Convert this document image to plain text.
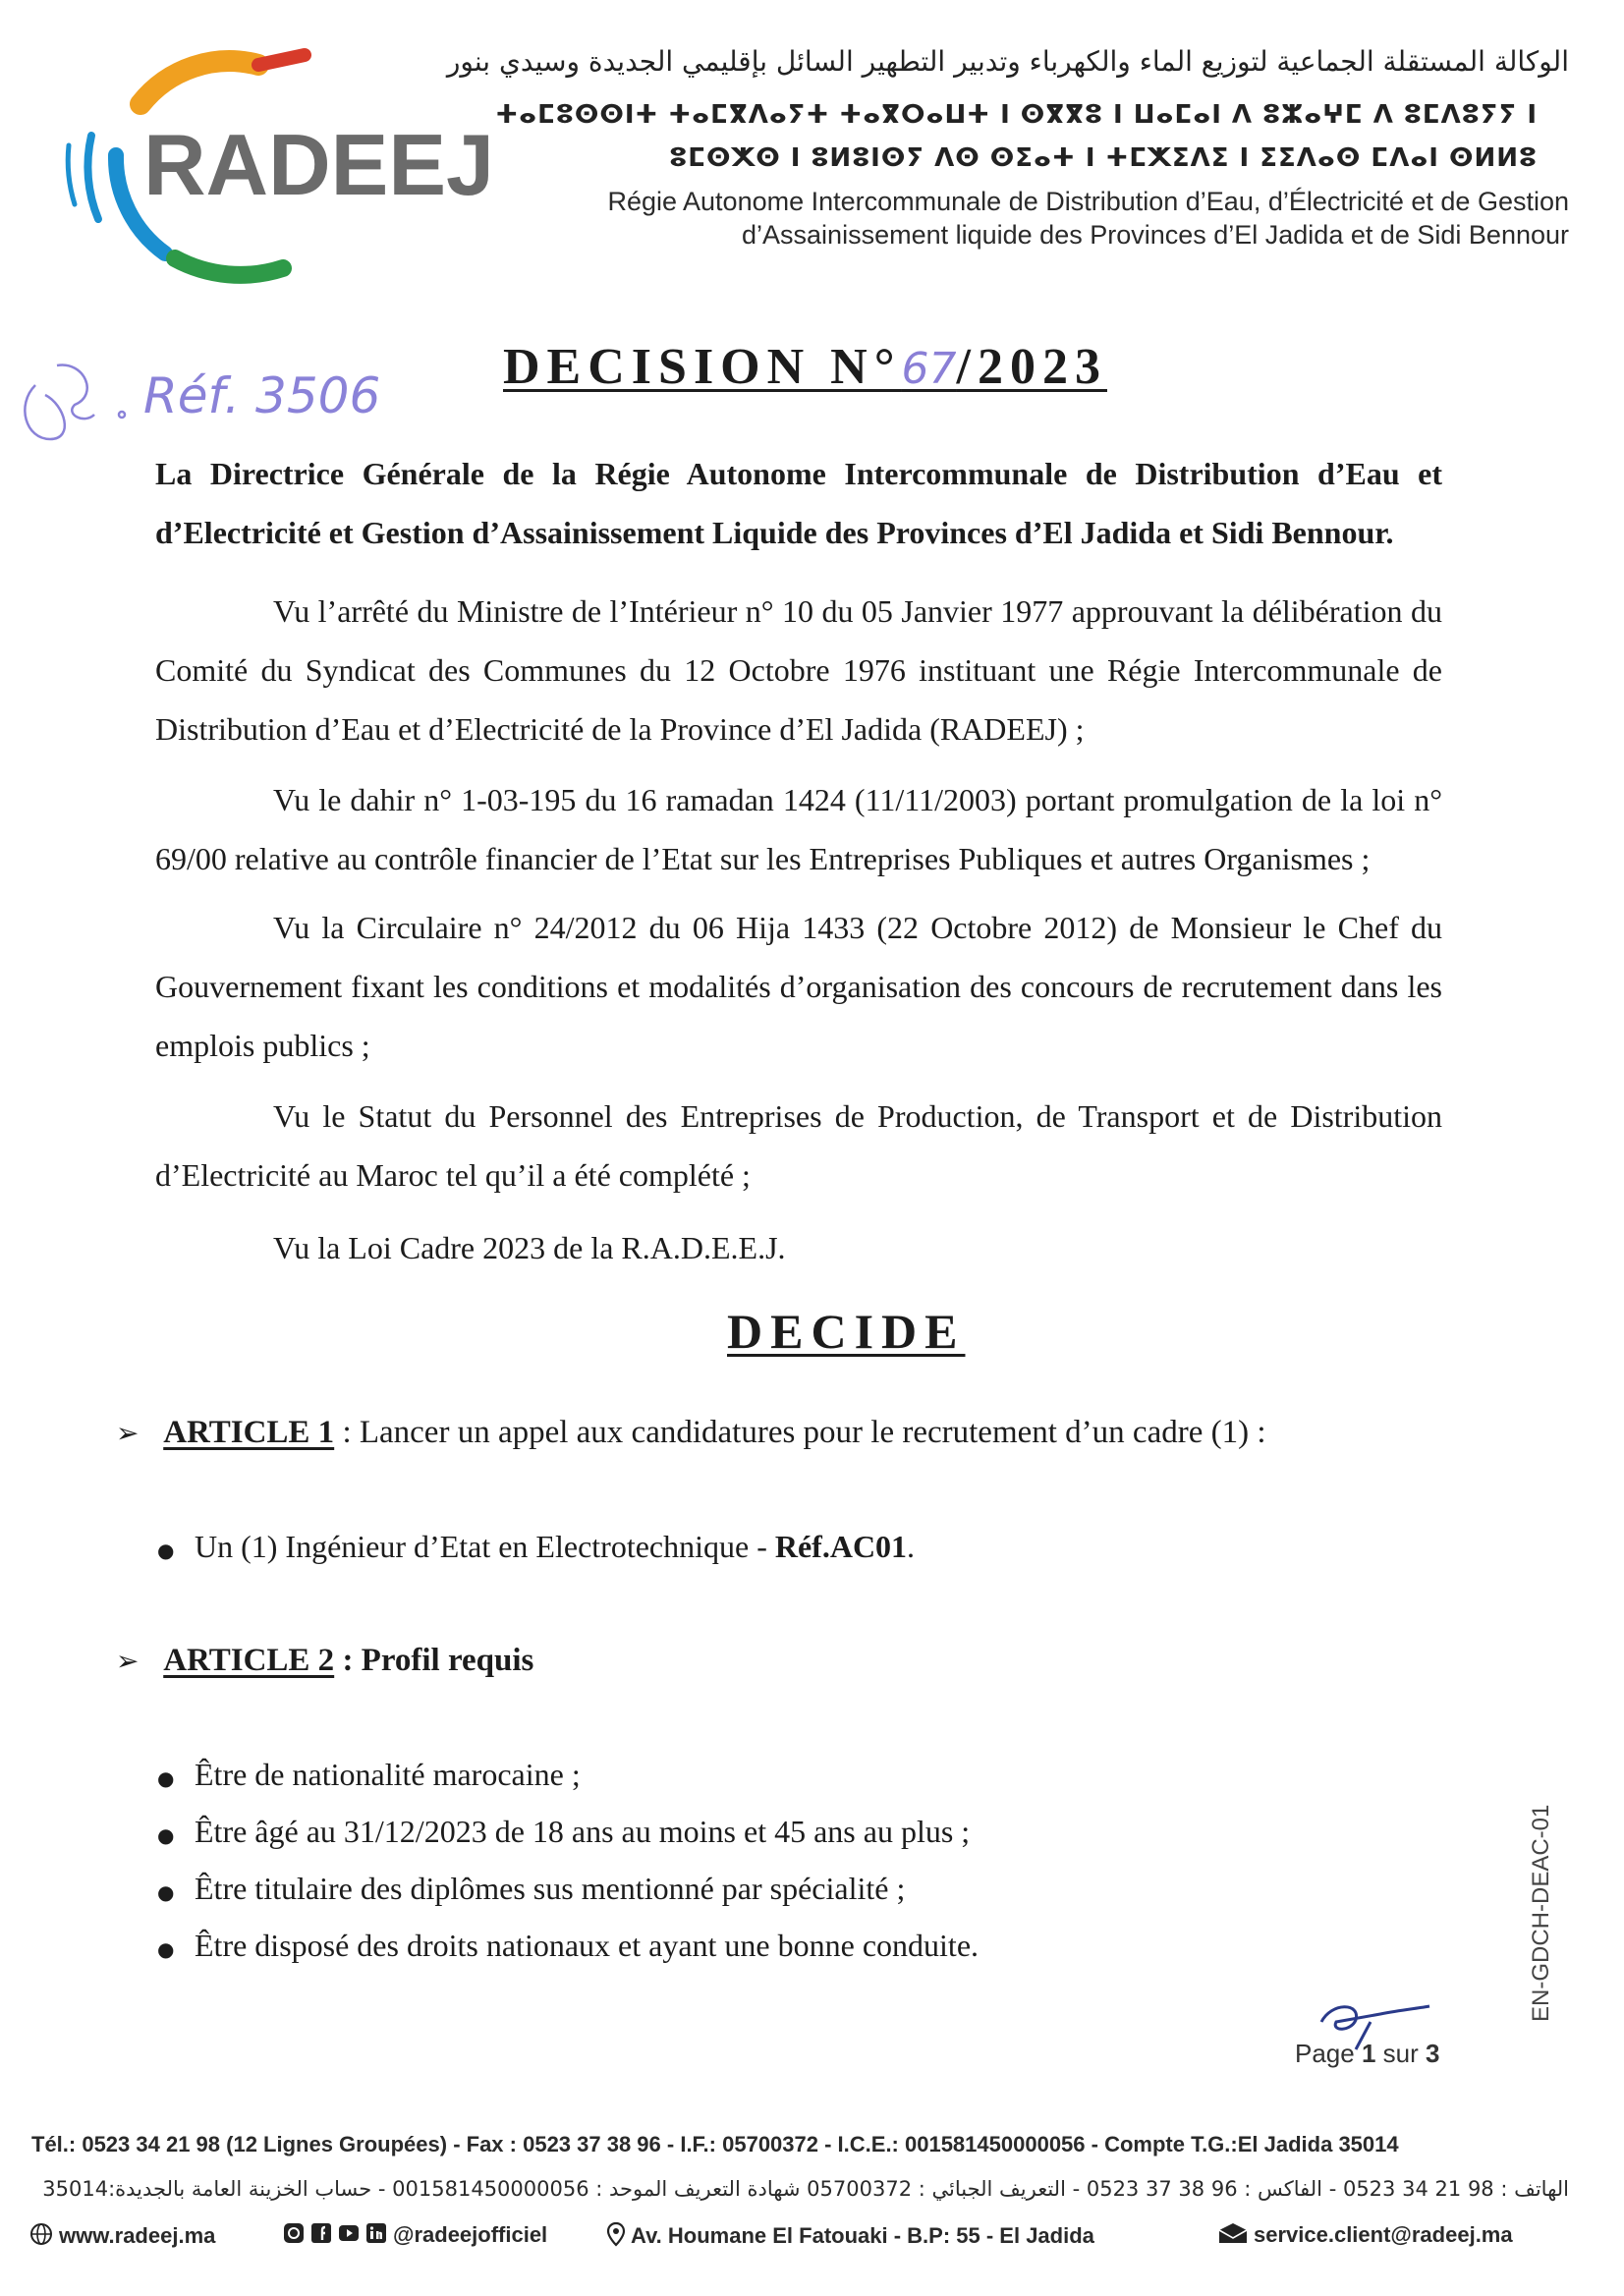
RADEEJ
الوكالة المستقلة الجماعية لتوزيع الماء والكهرباء وتدبير التطهير السائل بإقليمي الجديدة وسيدي بنور
ⵜⴰⵎⵓⵙⵙⵏⵜ ⵜⴰⵎⴳⴷⴰⵢⵜ ⵜⴰⴳⵔⴰⵡⵜ Ⅰ ⵙⴳⴳⵓ Ⅰ ⵡⴰⵎⴰⵏ Λ ⵓⵣⴰⵖⵎ Λ ⵓⵎⴷⵓⵢⵢ Ⅰ
ⵓⵎⵙⵅⵙ Ⅰ ⵓⵍⵓⵏⵙⵢ ⴷⵙ ⵙⵉⴰⵜ Ⅰ ⵜⵎⵅⵉⴷⵉ Ⅰ ⵉⵉⴷⴰⵙ ⵎⴷⴰⵏ ⵙⵍⵍⵓ
Régie Autonome Intercommunale de Distribution d’Eau, d’Électricité et de Gestion
d’Assainissement liquide des Provinces d’El Jadida et de Sidi Bennour
Réf. 3506
DECISION N°67/2023
La Directrice Générale de la Régie Autonome Intercommunale de Distribution d’Eau et d’Electricité et Gestion d’Assainissement Liquide des Provinces d’El Jadida et Sidi Bennour.
Vu l’arrêté du Ministre de l’Intérieur n° 10 du 05 Janvier 1977 approuvant la délibération du Comité du Syndicat des Communes du 12 Octobre 1976 instituant une Régie Intercommunale de Distribution d’Eau et d’Electricité de la Province d’El Jadida (RADEEJ) ;
Vu le dahir n° 1-03-195 du 16 ramadan 1424 (11/11/2003) portant promulgation de la loi n° 69/00 relative au contrôle financier de l’Etat sur les Entreprises Publiques et autres Organismes ;
Vu la Circulaire n° 24/2012 du 06 Hija 1433 (22 Octobre 2012) de Monsieur le Chef du Gouvernement fixant les conditions et modalités d’organisation des concours de recrutement dans les emplois publics ;
Vu le Statut du Personnel des Entreprises de Production, de Transport et de Distribution d’Electricité au Maroc tel qu’il a été complété ;
Vu la Loi Cadre 2023 de la R.A.D.E.E.J.
DECIDE
➢ ARTICLE 1 : Lancer un appel aux candidatures pour le recrutement d’un cadre (1) :
● Un (1) Ingénieur d’Etat en Electrotechnique - Réf.AC01.
➢ ARTICLE 2 : Profil requis
● Être de nationalité marocaine ;
● Être âgé au 31/12/2023 de 18 ans au moins et 45 ans au plus ;
● Être titulaire des diplômes sus mentionné par spécialité ;
● Être disposé des droits nationaux et ayant une bonne conduite.	EN-GDCH-DEAC-01
Page 1 sur 3
Tél.: 0523 34 21 98 (12 Lignes Groupées) - Fax : 0523 37 38 96 - I.F.: 05700372 - I.C.E.: 001581450000056 - Compte T.G.:El Jadida 35014
الهاتف : 98 21 34 0523 - الفاكس : 96 38 37 0523 - التعريف الجبائي : 05700372 شهادة التعريف الموحد : 001581450000056 - حساب الخزينة العامة بالجديدة:35014
www.radeej.ma	@radeejofficiel	Av. Houmane El Fatouaki - B.P: 55 - El Jadida	service.client@radeej.ma
